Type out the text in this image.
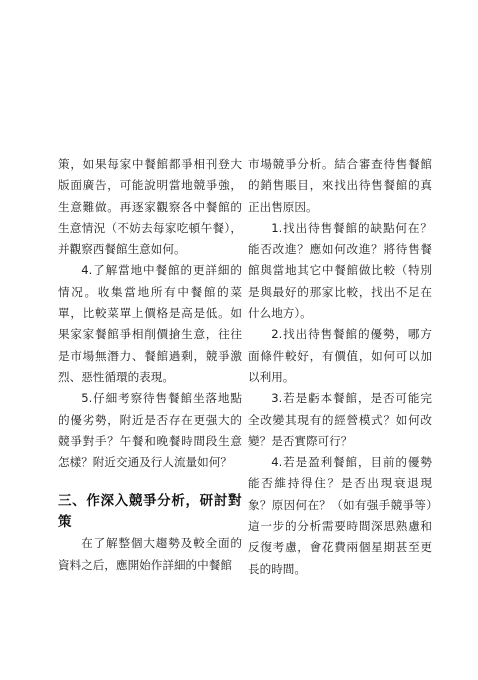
策，如果每家中餐館都爭相刊登大版面廣告，可能說明當地競爭強，生意難做。再逐家觀察各中餐館的生意情況（不妨去每家吃頓午餐），并觀察西餐館生意如何。

4.了解當地中餐館的更詳細的情况。收集當地所有中餐館的菜單，比較菜單上價格是高是低。如果家家餐館爭相削價搶生意，往往是市場無潛力、餐館過剩，競爭激烈、惡性循環的表現。

5.仔細考察待售餐館坐落地點的優劣勢，附近是否存在更强大的競爭對手？午餐和晚餐時間段生意怎樣？附近交通及行人流量如何？

三、作深入競爭分析，研討對策

在了解整個大趨勢及較全面的資料之后，應開始作詳細的中餐館

市場競爭分析。結合審查待售餐館的銷售賬目，來找出待售餐館的真正出售原因。

1.找出待售餐館的缺點何在？能否改進？應如何改進？將待售餐館與當地其它中餐館做比較（特別是與最好的那家比較，找出不足在什么地方）。

2.找出待售餐館的優勢，哪方面條件較好，有價值，如何可以加以利用。

3.若是虧本餐館，是否可能完全改變其現有的經營模式？如何改變？是否實際可行？

4.若是盈利餐館，目前的優勢能否維持得住？是否出現衰退現象？原因何在？（如有强手競爭等）這一步的分析需要時間深思熟慮和反復考慮，會花費兩個星期甚至更長的時間。
